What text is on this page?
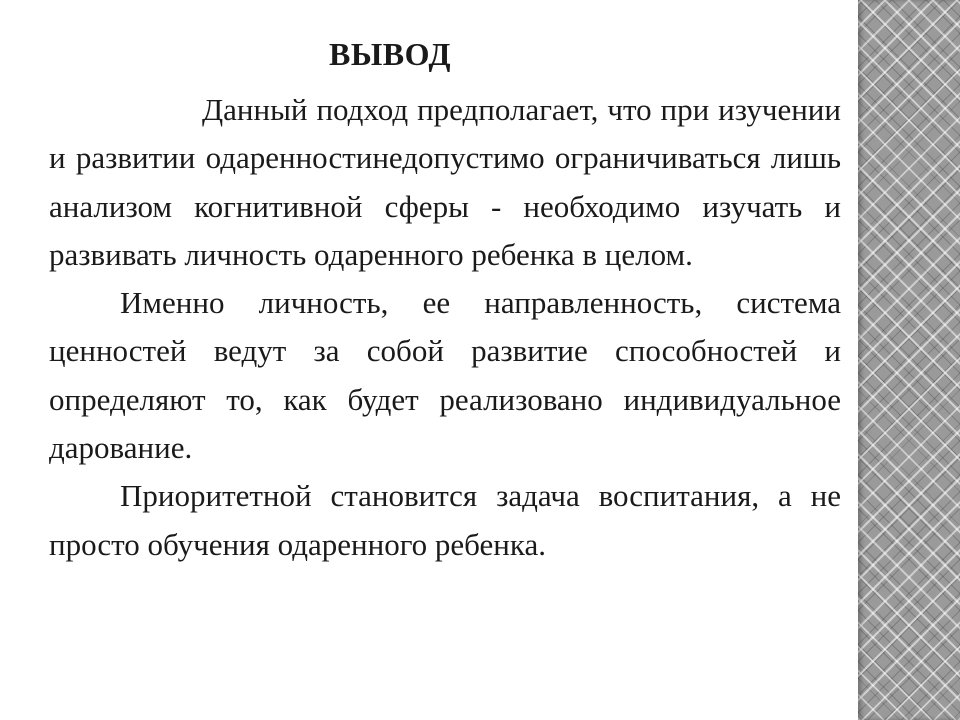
ВЫВОД

Данный подход предполагает, что при изучении и развитии одаренностинедопустимо ограничиваться лишь анализом когнитивной сферы - необходимо изучать и развивать личность одаренного ребенка в целом.

Именно личность, ее направленность, система ценностей ведут за собой развитие способностей и определяют то, как будет реализовано индивидуальное дарование.

Приоритетной становится задача воспитания, а не просто обучения одаренного ребенка.
